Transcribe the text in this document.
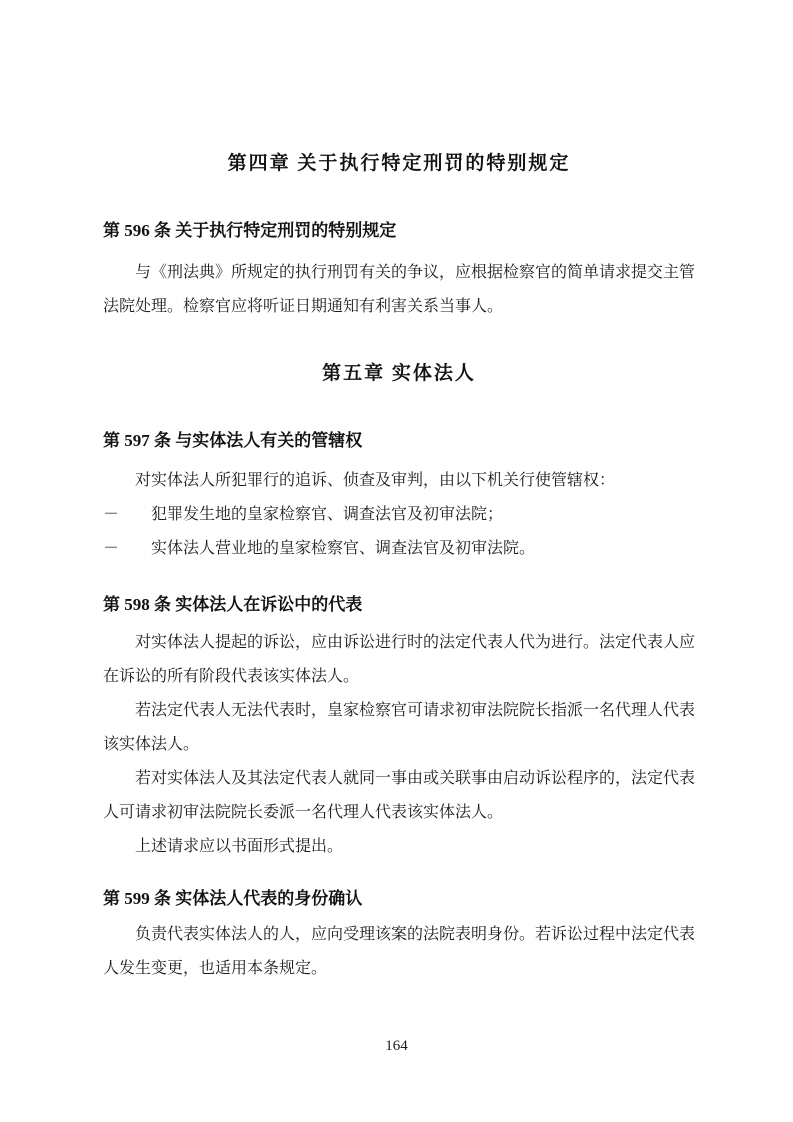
第四章 关于执行特定刑罚的特别规定
第 596 条 关于执行特定刑罚的特别规定

与《刑法典》所规定的执行刑罚有关的争议，应根据检察官的简单请求提交主管法院处理。检察官应将听证日期通知有利害关系当事人。

第五章 实体法人
第 597 条 与实体法人有关的管辖权

对实体法人所犯罪行的追诉、侦查及审判，由以下机关行使管辖权：

－ 犯罪发生地的皇家检察官、调查法官及初审法院；

－ 实体法人营业地的皇家检察官、调查法官及初审法院。

第 598 条 实体法人在诉讼中的代表

对实体法人提起的诉讼，应由诉讼进行时的法定代表人代为进行。法定代表人应在诉讼的所有阶段代表该实体法人。

若法定代表人无法代表时，皇家检察官可请求初审法院院长指派一名代理人代表该实体法人。

若对实体法人及其法定代表人就同一事由或关联事由启动诉讼程序的，法定代表人可请求初审法院院长委派一名代理人代表该实体法人。

上述请求应以书面形式提出。

第 599 条 实体法人代表的身份确认

负责代表实体法人的人，应向受理该案的法院表明身份。若诉讼过程中法定代表人发生变更，也适用本条规定。

164
